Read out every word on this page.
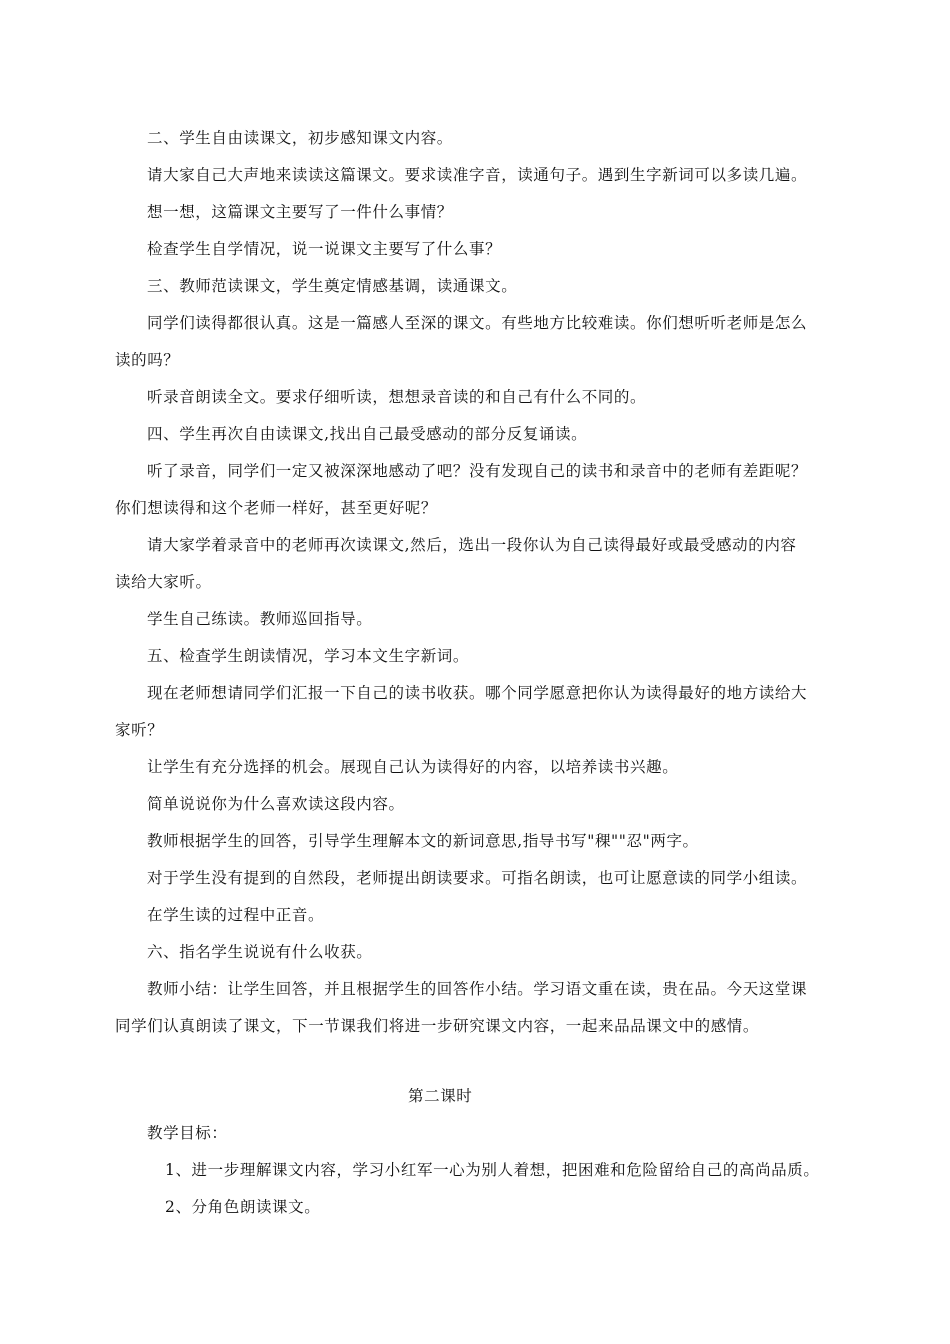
二、学生自由读课文，初步感知课文内容。
请大家自己大声地来读读这篇课文。要求读准字音，读通句子。遇到生字新词可以多读几遍。
想一想，这篇课文主要写了一件什么事情？
检查学生自学情况，说一说课文主要写了什么事？
三、教师范读课文，学生奠定情感基调，读通课文。
同学们读得都很认真。这是一篇感人至深的课文。有些地方比较难读。你们想听听老师是怎么
读的吗？
听录音朗读全文。要求仔细听读，想想录音读的和自己有什么不同的。
四、学生再次自由读课文,找出自己最受感动的部分反复诵读。
听了录音，同学们一定又被深深地感动了吧？没有发现自己的读书和录音中的老师有差距呢？
你们想读得和这个老师一样好，甚至更好呢？
请大家学着录音中的老师再次读课文,然后，选出一段你认为自己读得最好或最受感动的内容
读给大家听。
学生自己练读。教师巡回指导。
五、检查学生朗读情况，学习本文生字新词。
现在老师想请同学们汇报一下自己的读书收获。哪个同学愿意把你认为读得最好的地方读给大
家听？
让学生有充分选择的机会。展现自己认为读得好的内容，以培养读书兴趣。
简单说说你为什么喜欢读这段内容。
教师根据学生的回答，引导学生理解本文的新词意思,指导书写"稞""忍"两字。
对于学生没有提到的自然段，老师提出朗读要求。可指名朗读，也可让愿意读的同学小组读。
在学生读的过程中正音。
六、指名学生说说有什么收获。
教师小结：让学生回答，并且根据学生的回答作小结。学习语文重在读，贵在品。今天这堂课
同学们认真朗读了课文，下一节课我们将进一步研究课文内容，一起来品品课文中的感情。
第二课时
教学目标：
1、进一步理解课文内容，学习小红军一心为别人着想，把困难和危险留给自己的高尚品质。
2、分角色朗读课文。
